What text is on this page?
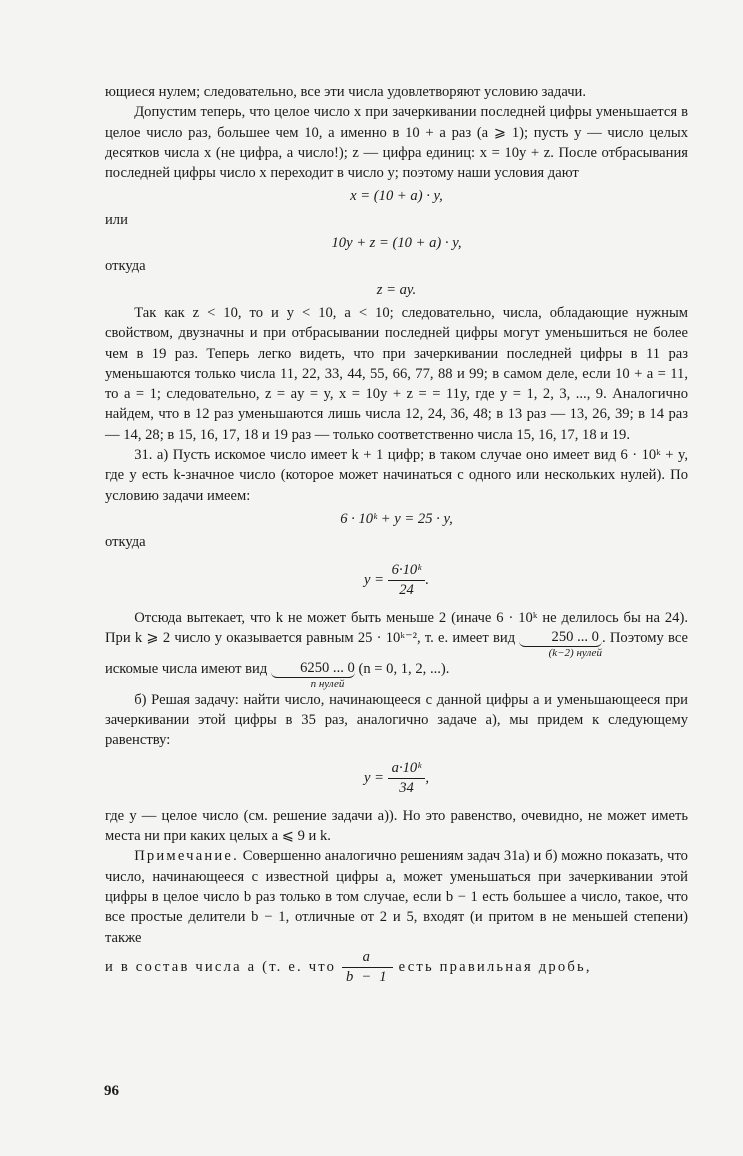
ющиеся нулем; следовательно, все эти числа удовлетворяют условию задачи.

Допустим теперь, что целое число x при зачеркивании последней цифры уменьшается в целое число раз, большее чем 10, а именно в 10 + a раз (a ⩾ 1); пусть y — число целых десятков числа x (не цифра, а число!); z — цифра единиц: x = 10y + z. После отбрасывания последней цифры число x переходит в число y; поэтому наши условия дают

x = (10 + a) · y,

или

10y + z = (10 + a) · y,

откуда

z = ay.

Так как z < 10, то и y < 10, a < 10; следовательно, числа, обладающие нужным свойством, двузначны и при отбрасывании последней цифры могут уменьшиться не более чем в 19 раз. Теперь легко видеть, что при зачеркивании последней цифры в 11 раз уменьшаются только числа 11, 22, 33, 44, 55, 66, 77, 88 и 99; в самом деле, если 10 + a = 11, то a = 1; следовательно, z = ay = y, x = 10y + z = = 11y, где y = 1, 2, 3, ..., 9. Аналогично найдем, что в 12 раз уменьшаются лишь числа 12, 24, 36, 48; в 13 раз — 13, 26, 39; в 14 раз — 14, 28; в 15, 16, 17, 18 и 19 раз — только соответственно числа 15, 16, 17, 18 и 19.

31. а) Пусть искомое число имеет k + 1 цифр; в таком случае оно имеет вид 6 · 10ᵏ + y, где y есть k-значное число (которое может начинаться с одного или нескольких нулей). По условию задачи имеем:

6 · 10ᵏ + y = 25 · y,

откуда

$y = \frac{\text{6·10ᵏ}}{24}$ .

Отсюда вытекает, что k не может быть меньше 2 (иначе 6 · 10ᵏ не делилось бы на 24). При k ⩾ 2 число y оказывается равным 25 · 10ᵏ⁻², т. е. имеет вид	250 ... 0
(k−2) нулей
. Поэтому все искомые числа имеют вид	6250 ... 0
n нулей
(n = 0, 1, 2, ...).

б) Решая задачу: найти число, начинающееся с данной цифры a и уменьшающееся при зачеркивании этой цифры в 35 раз, аналогично задаче а), мы придем к следующему равенству:

$y = \frac{\text{a·10ᵏ}}{34}$ ,

где y — целое число (см. решение задачи а)). Но это равенство, очевидно, не может иметь места ни при каких целых a ⩽ 9 и k.

Примечание. Совершенно аналогично решениям задач 31а) и б) можно показать, что число, начинающееся с известной цифры a, может уменьшаться при зачеркивании этой цифры в целое число b раз только в том случае, если b − 1 есть большее a число, такое, что все простые делители b − 1, отличные от 2 и 5, входят (и притом в не меньшей степени) также

и в состав числа a (т. е. что $\frac{a}{b - 1}$ есть правильная дробь,

96
